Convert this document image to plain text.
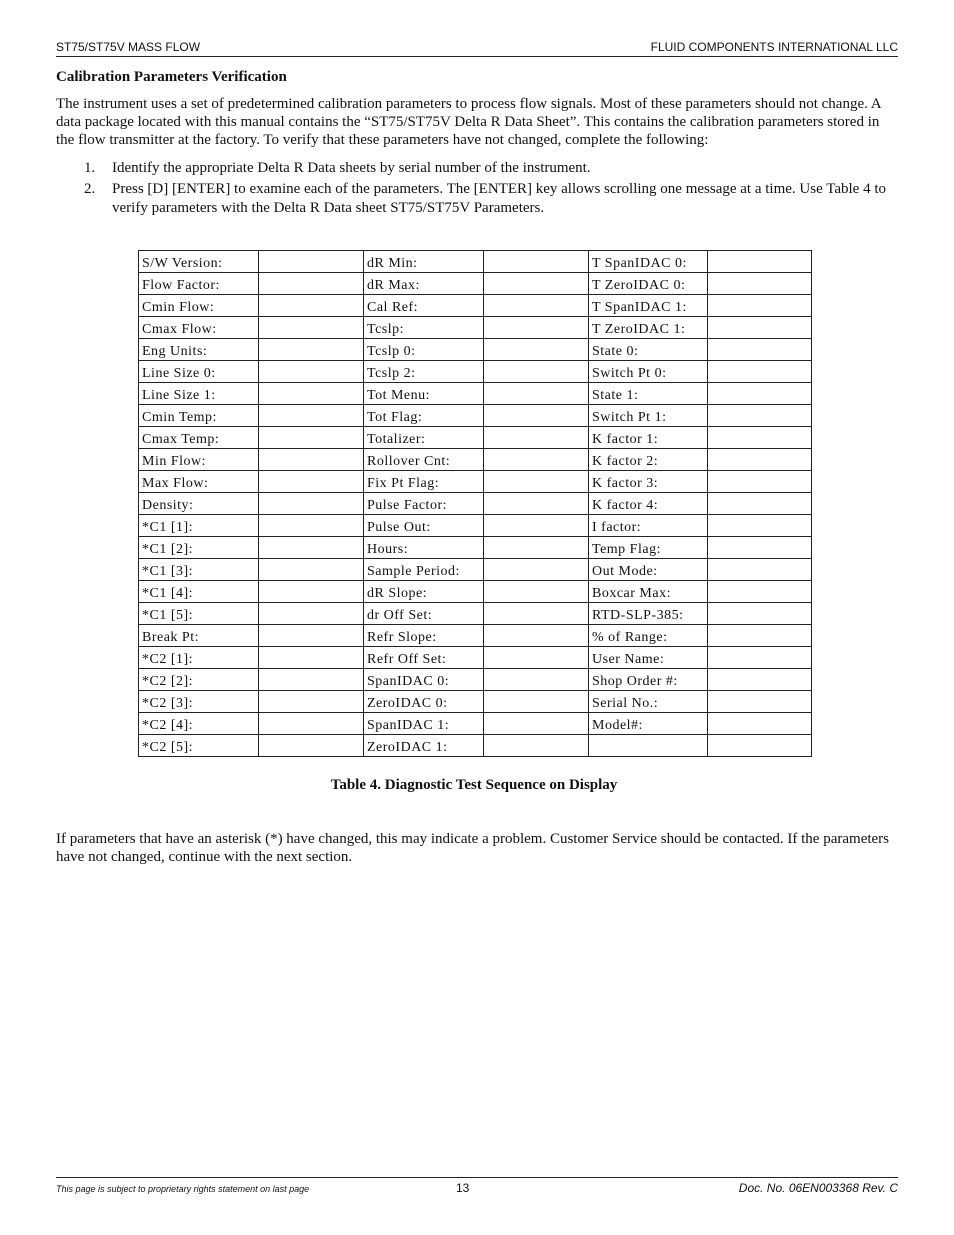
ST75/ST75V MASS FLOW	FLUID COMPONENTS INTERNATIONAL LLC
Calibration Parameters Verification

The instrument uses a set of predetermined calibration parameters to process flow signals. Most of these parameters should not change. A data package located with this manual contains the “ST75/ST75V Delta R Data Sheet”. This contains the calibration parameters stored in the flow transmitter at the factory. To verify that these parameters have not changed, complete the following:

1. Identify the appropriate Delta R Data sheets by serial number of the instrument.
2. Press [D] [ENTER] to examine each of the parameters. The [ENTER] key allows scrolling one message at a time. Use Table 4 to verify parameters with the Delta R Data sheet ST75/ST75V Parameters.
S/W Version:		dR Min:		T SpanIDAC 0:	
Flow Factor:		dR Max:		T ZeroIDAC 0:	
Cmin Flow:		Cal Ref:		T SpanIDAC 1:	
Cmax Flow:		Tcslp:		T ZeroIDAC 1:	
Eng Units:		Tcslp 0:		State 0:	
Line Size 0:		Tcslp 2:		Switch Pt 0:	
Line Size 1:		Tot Menu:		State 1:	
Cmin Temp:		Tot Flag:		Switch Pt 1:	
Cmax Temp:		Totalizer:		K factor 1:	
Min Flow:		Rollover Cnt:		K factor 2:	
Max Flow:		Fix Pt Flag:		K factor 3:	
Density:		Pulse Factor:		K factor 4:	
*C1 [1]:		Pulse Out:		I factor:	
*C1 [2]:		Hours:		Temp Flag:	
*C1 [3]:		Sample Period:		Out Mode:	
*C1 [4]:		dR Slope:		Boxcar Max:	
*C1 [5]:		dr Off Set:		RTD-SLP-385:	
Break Pt:		Refr Slope:		% of Range:	
*C2 [1]:		Refr Off Set:		User Name:	
*C2 [2]:		SpanIDAC 0:		Shop Order #:	
*C2 [3]:		ZeroIDAC 0:		Serial No.:	
*C2 [4]:		SpanIDAC 1:		Model#:	
*C2 [5]:		ZeroIDAC 1:			
Table 4. Diagnostic Test Sequence on Display

If parameters that have an asterisk (*) have changed, this may indicate a problem. Customer Service should be contacted. If the parameters have not changed, continue with the next section.

This page is subject to proprietary rights statement on last page	13	Doc. No. 06EN003368 Rev. C
